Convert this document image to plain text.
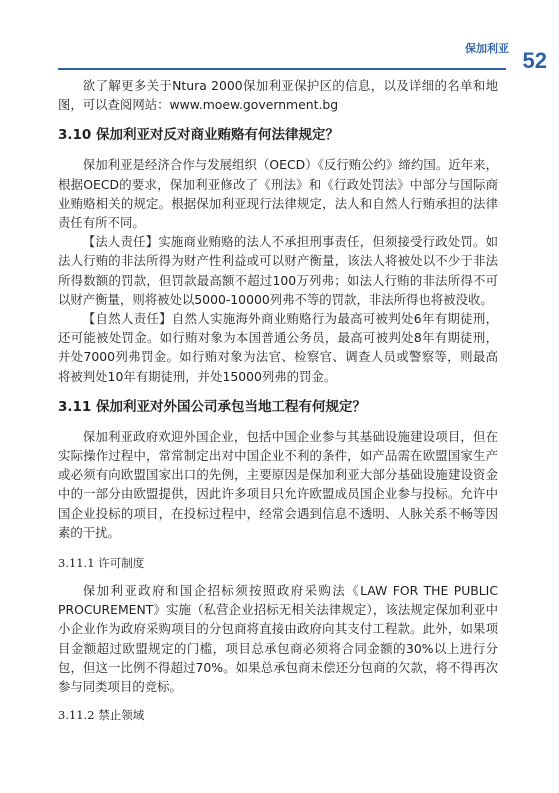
保加利亚 52

欲了解更多关于Ntura 2000保加利亚保护区的信息，以及详细的名单和地图，可以查阅网站：www.moew.government.bg

3.10 保加利亚对反对商业贿赂有何法律规定？

保加利亚是经济合作与发展组织（OECD）《反行贿公约》缔约国。近年来，根据OECD的要求，保加利亚修改了《刑法》和《行政处罚法》中部分与国际商业贿赂相关的规定。根据保加利亚现行法律规定，法人和自然人行贿承担的法律责任有所不同。

【法人责任】实施商业贿赂的法人不承担刑事责任，但须接受行政处罚。如法人行贿的非法所得为财产性利益或可以财产衡量，该法人将被处以不少于非法所得数额的罚款，但罚款最高额不超过100万列弗；如法人行贿的非法所得不可以财产衡量，则将被处以5000-10000列弗不等的罚款，非法所得也将被没收。

【自然人责任】自然人实施海外商业贿赂行为最高可被判处6年有期徒刑，还可能被处罚金。如行贿对象为本国普通公务员，最高可被判处8年有期徒刑，并处7000列弗罚金。如行贿对象为法官、检察官、调查人员或警察等，则最高将被判处10年有期徒刑，并处15000列弗的罚金。

3.11 保加利亚对外国公司承包当地工程有何规定？

保加利亚政府欢迎外国企业，包括中国企业参与其基础设施建设项目，但在实际操作过程中，常常制定出对中国企业不利的条件，如产品需在欧盟国家生产或必须有向欧盟国家出口的先例，主要原因是保加利亚大部分基础设施建设资金中的一部分由欧盟提供，因此许多项目只允许欧盟成员国企业参与投标。允许中国企业投标的项目，在投标过程中，经常会遇到信息不透明、人脉关系不畅等因素的干扰。

3.11.1 许可制度

保加利亚政府和国企招标须按照政府采购法《LAW FOR THE PUBLIC PROCUREMENT》实施（私营企业招标无相关法律规定），该法规定保加利亚中小企业作为政府采购项目的分包商将直接由政府向其支付工程款。此外，如果项目金额超过欧盟规定的门槛，项目总承包商必须将合同金额的30%以上进行分包，但这一比例不得超过70%。如果总承包商未偿还分包商的欠款，将不得再次参与同类项目的竞标。

3.11.2 禁止领域
